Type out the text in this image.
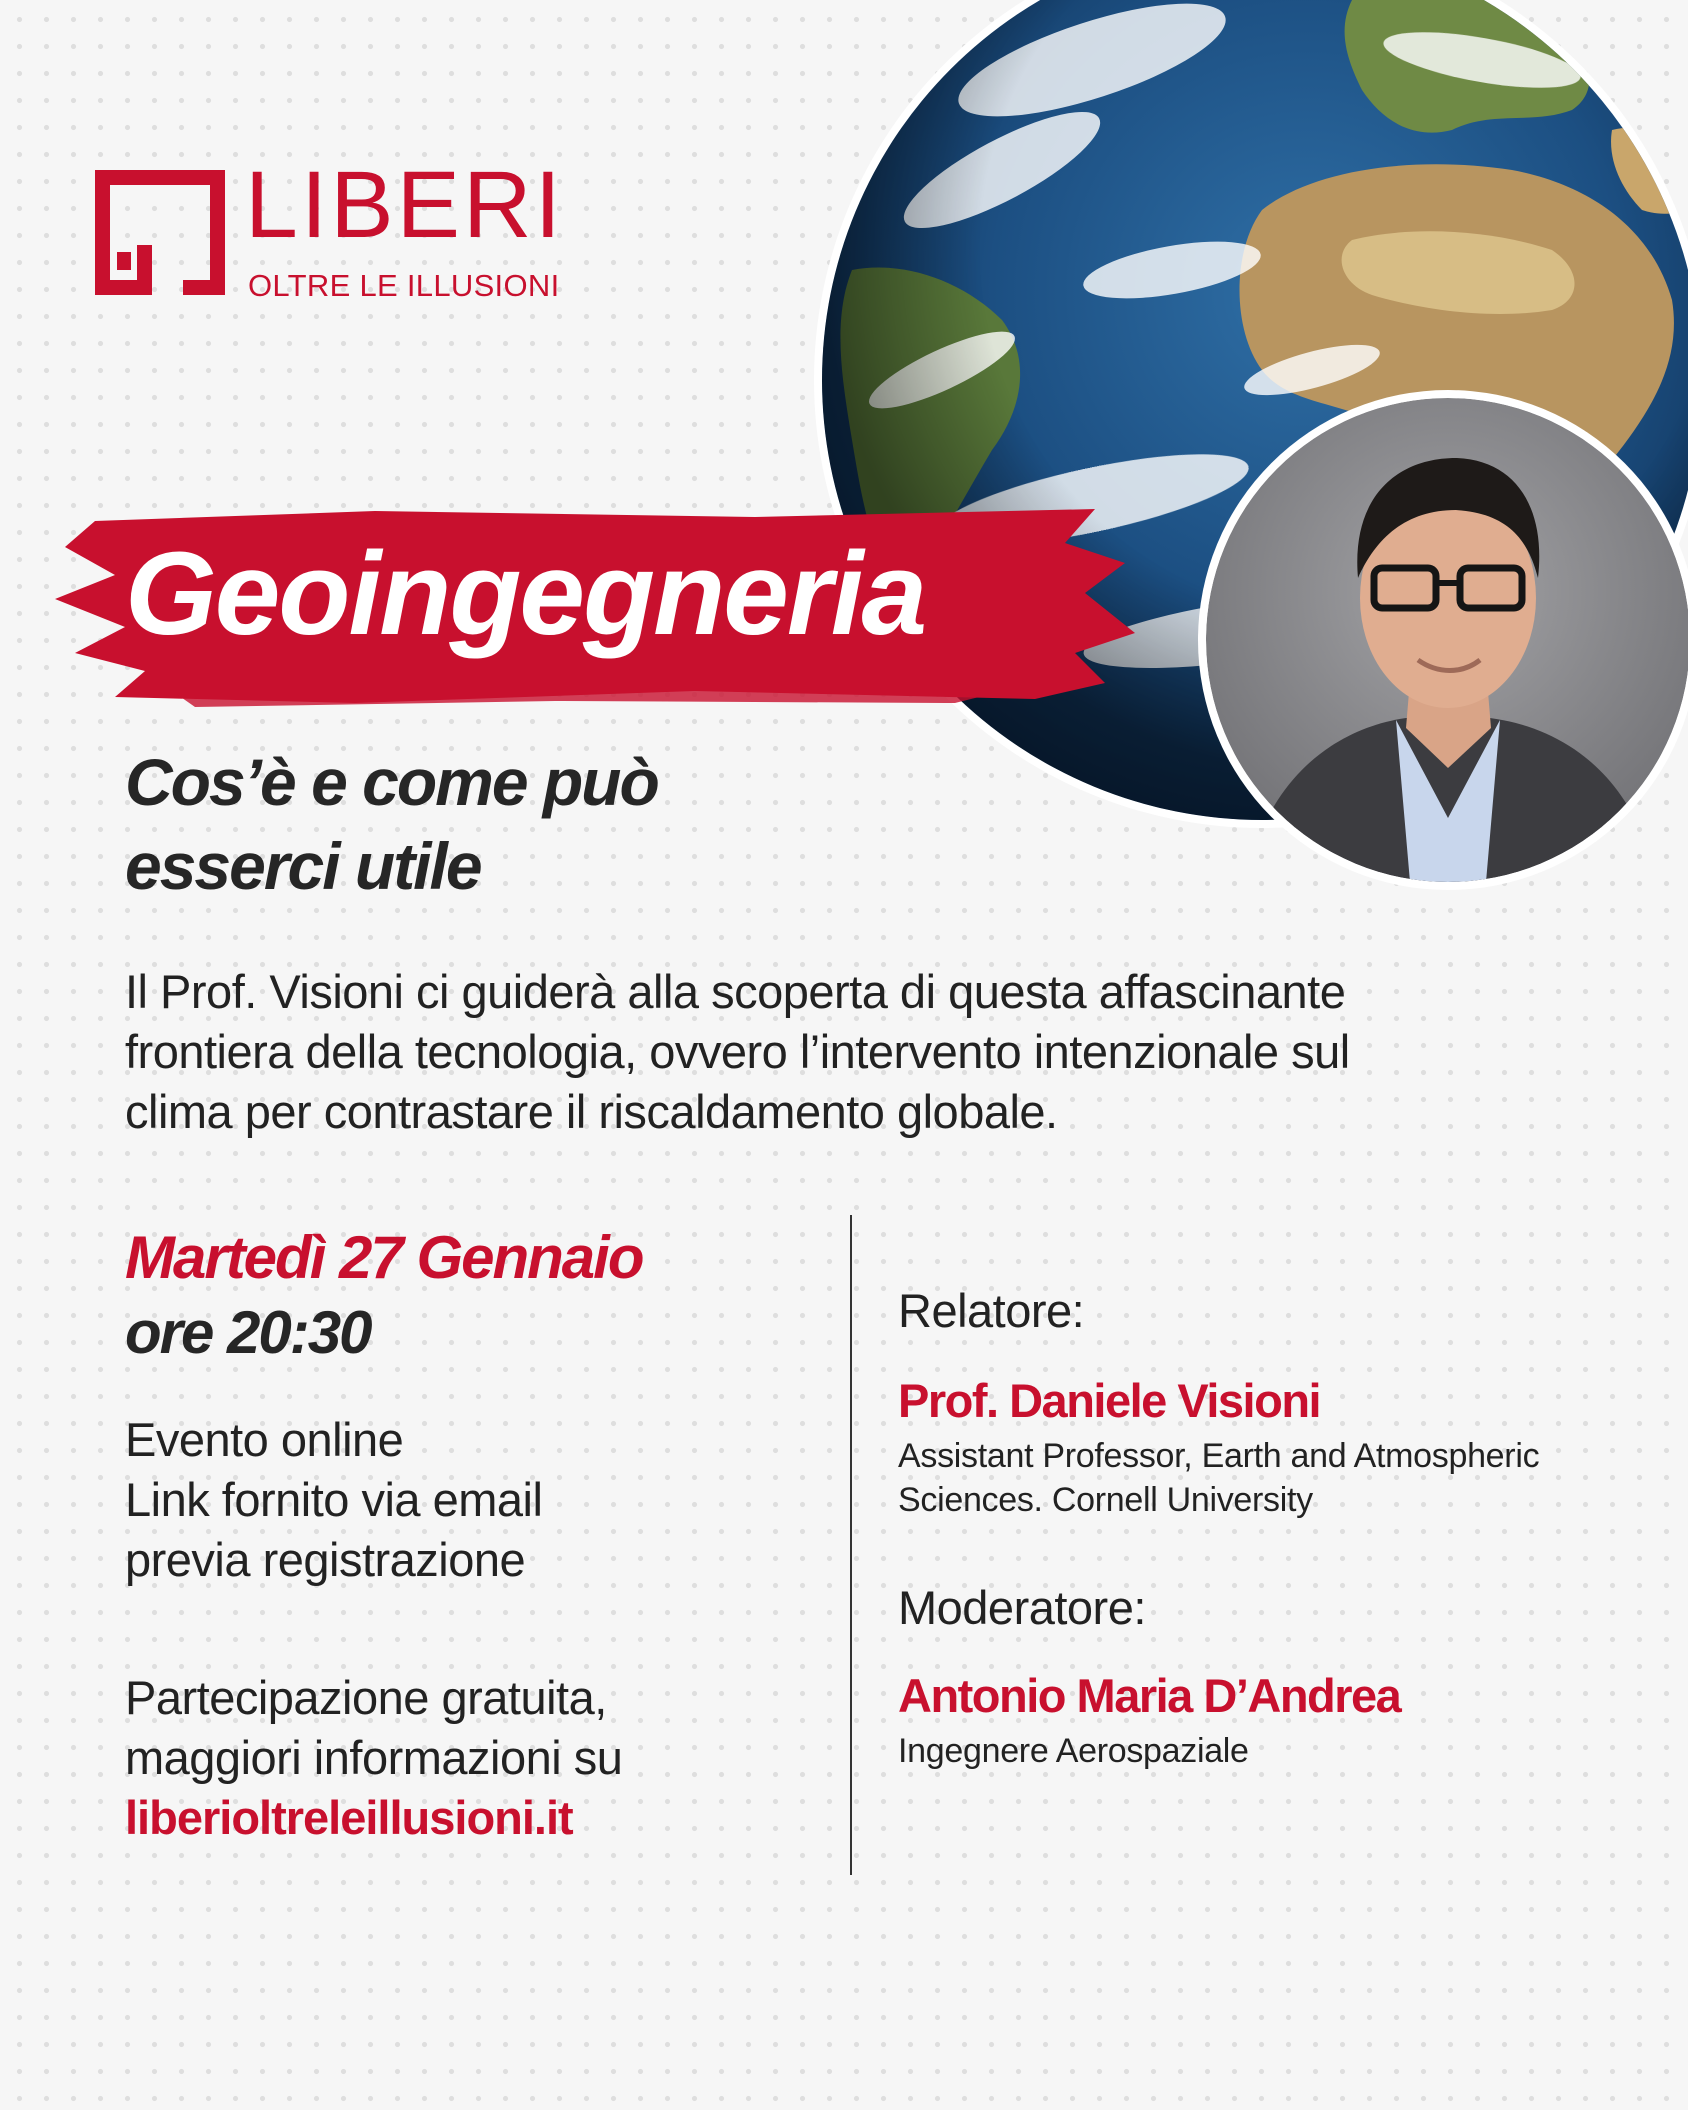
LIBERI
OLTRE LE ILLUSIONI
Geoingegneria
Cos’è e come può
esserci utile
Il Prof. Visioni ci guiderà alla scoperta di questa affascinante
frontiera della tecnologia, ovvero l’intervento intenzionale sul
clima per contrastare il riscaldamento globale.
Martedì 27 Gennaio
ore 20:30
Evento online
Link fornito via email
previa registrazione
Partecipazione gratuita,
maggiori informazioni su
liberioltreleillusioni.it
Relatore:
Prof. Daniele Visioni
Assistant Professor, Earth and Atmospheric
Sciences. Cornell University
Moderatore:
Antonio Maria D’Andrea
Ingegnere Aerospaziale
